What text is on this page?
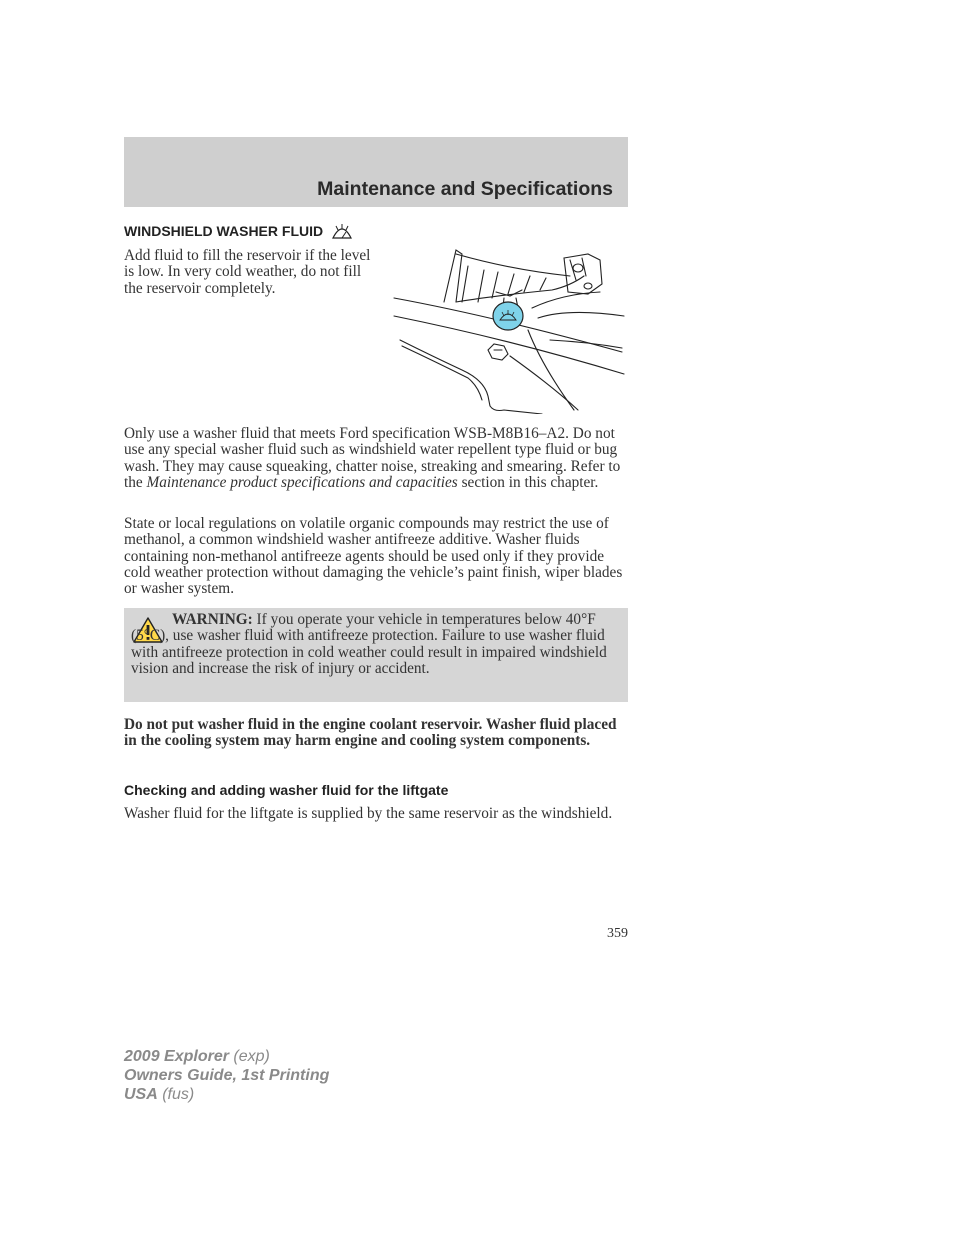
Maintenance and Specifications
WINDSHIELD WASHER FLUID
Add fluid to fill the reservoir if the level is low. In very cold weather, do not fill the reservoir completely.
Only use a washer fluid that meets Ford specification WSB-M8B16–A2. Do not use any special washer fluid such as windshield water repellent type fluid or bug wash. They may cause squeaking, chatter noise, streaking and smearing. Refer to the Maintenance product specifications and capacities section in this chapter.
State or local regulations on volatile organic compounds may restrict the use of methanol, a common windshield washer antifreeze additive. Washer fluids containing non-methanol antifreeze agents should be used only if they provide cold weather protection without damaging the vehicle’s paint finish, wiper blades or washer system.
WARNING: If you operate your vehicle in temperatures below 40°F (5°C), use washer fluid with antifreeze protection. Failure to use washer fluid with antifreeze protection in cold weather could result in impaired windshield vision and increase the risk of injury or accident.
Do not put washer fluid in the engine coolant reservoir. Washer fluid placed in the cooling system may harm engine and cooling system components.
Checking and adding washer fluid for the liftgate
Washer fluid for the liftgate is supplied by the same reservoir as the windshield.
359
2009 Explorer (exp)
Owners Guide, 1st Printing
USA (fus)
